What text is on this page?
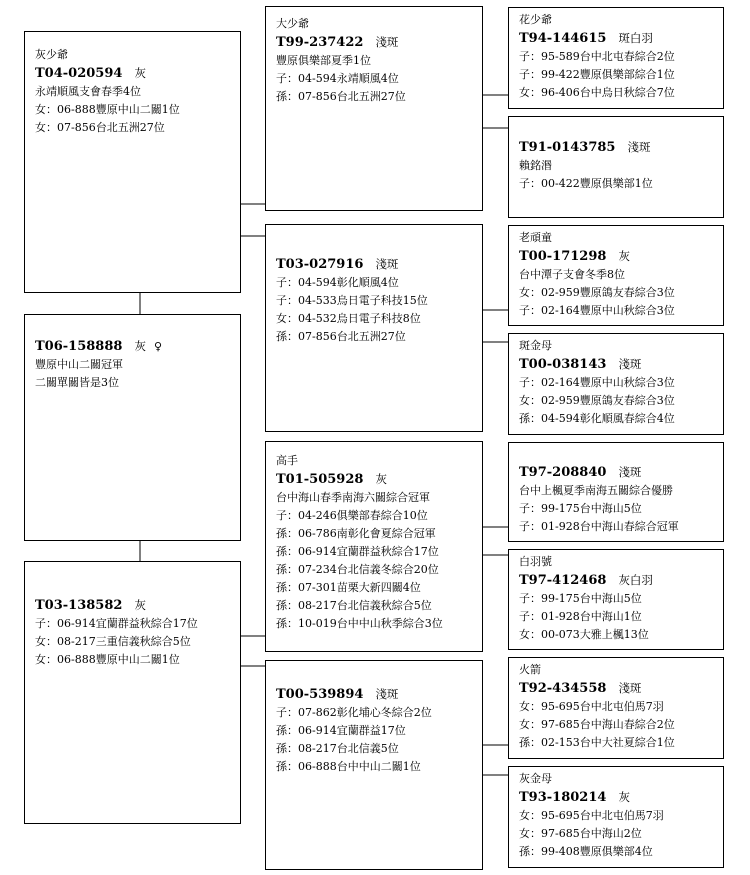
灰少爺
T04-020594 灰
永靖順風支會春季4位
女：06-888豐原中山二關1位
女：07-856台北五洲27位
T06-158888 灰 ♀
豐原中山二關冠軍
二關單關皆是3位
T03-138582 灰
子：06-914宜蘭群益秋綜合17位
女：08-217三重信義秋綜合5位
女：06-888豐原中山二關1位
大少爺
T99-237422 淺斑
豐原俱樂部夏季1位
子：04-594永靖順風4位
孫：07-856台北五洲27位
T03-027916 淺斑
子：04-594彰化順風4位
子：04-533烏日電子科技15位
女：04-532烏日電子科技8位
孫：07-856台北五洲27位
高手
T01-505928 灰
台中海山春季南海六關綜合冠軍
子：04-246俱樂部春綜合10位
孫：06-786南彰化會夏綜合冠軍
孫：06-914宜蘭群益秋綜合17位
孫：07-234台北信義冬綜合20位
孫：07-301苗栗大新四關4位
孫：08-217台北信義秋綜合5位
孫：10-019台中中山秋季綜合3位
T00-539894 淺斑
子：07-862彰化埔心冬綜合2位
孫：06-914宜蘭群益17位
孫：08-217台北信義5位
孫：06-888台中中山二關1位
花少爺
T94-144615 斑白羽
子：95-589台中北屯春綜合2位
子：99-422豐原俱樂部綜合1位
女：96-406台中烏日秋綜合7位
T91-0143785 淺斑
賴銘湣
子：00-422豐原俱樂部1位
老頑童
T00-171298 灰
台中潭子支會冬季8位
女：02-959豐原鴿友春綜合3位
子：02-164豐原中山秋綜合3位
斑金母
T00-038143 淺斑
子：02-164豐原中山秋綜合3位
女：02-959豐原鴿友春綜合3位
孫：04-594彰化順風春綜合4位
T97-208840 淺斑
台中上楓夏季南海五關綜合優勝
子：99-175台中海山5位
子：01-928台中海山春綜合冠軍
白羽號
T97-412468 灰白羽
子：99-175台中海山5位
子：01-928台中海山1位
女：00-073大雅上楓13位
火箭
T92-434558 淺斑
女：95-695台中北屯伯馬7羽
女：97-685台中海山春綜合2位
孫：02-153台中大社夏綜合1位
灰金母
T93-180214 灰
女：95-695台中北屯伯馬7羽
女：97-685台中海山2位
孫：99-408豐原俱樂部4位
